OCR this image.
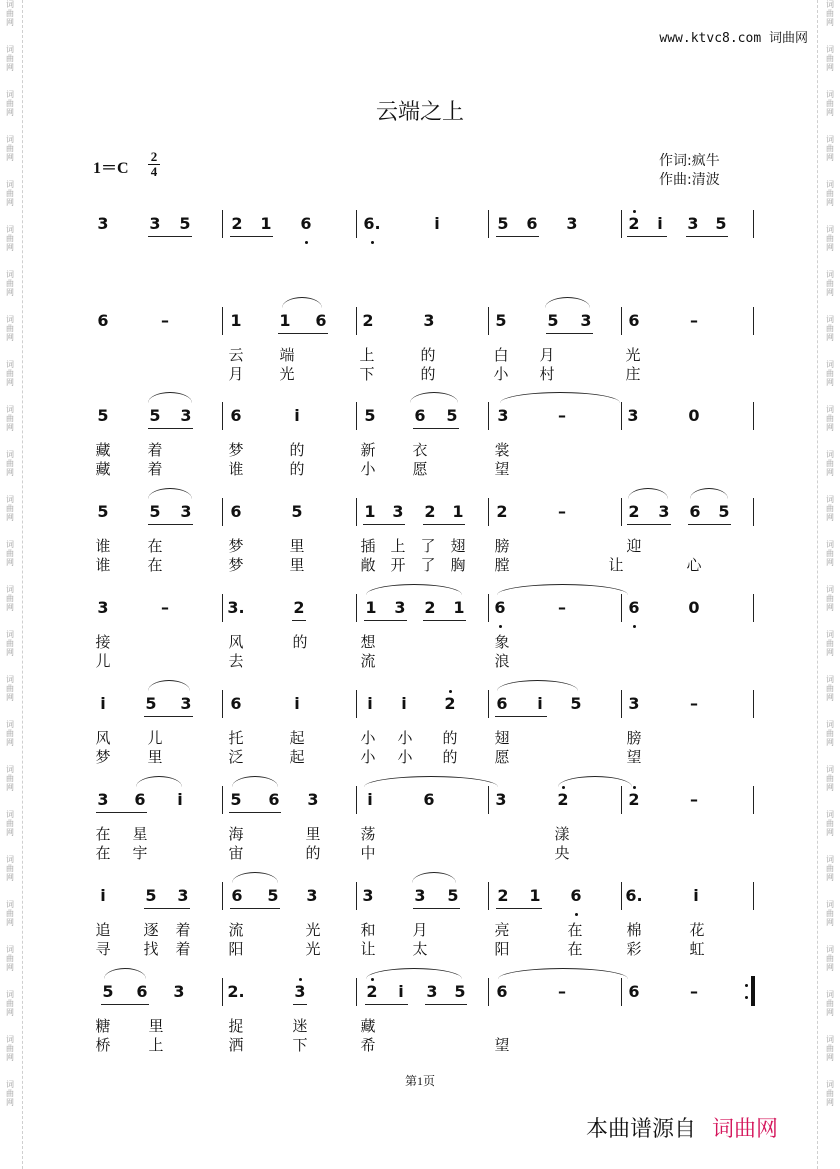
词
曲
网

词
曲
网

词
曲
网

词
曲
网

词
曲
网

词
曲
网

词
曲
网

词
曲
网

词
曲
网

词
曲
网

词
曲
网

词
曲
网

词
曲
网

词
曲
网

词
曲
网

词
曲
网

词
曲
网

词
曲
网

词
曲
网

词
曲
网

词
曲
网

词
曲
网

词
曲
网

词
曲
网

词
曲
网

词
曲
网

词
曲
网

词
曲
网

词
曲
网

词
曲
网

词
曲
网

词
曲
网

词
曲
网

词
曲
网

词
曲
网

词
曲
网

词
曲
网

词
曲
网

词
曲
网

词
曲
网

词
曲
网

词
曲
网

词
曲
网

词
曲
网

词
曲
网

词
曲
网

词
曲
网

词
曲
网

词
曲
网

词
曲
网

www.ktvc8.com 词曲网
云端之上
$1=C \frac{2}{4}$	作词:疯牛
作曲:清波
3	3 5	2 1 6	6.	i	5 6 3	2	i	3 5
6	–	1 1 6 2	3	5	5 3 6	–
云 端	上	的	白 月	光
月 光	下	的	小 村	庄
5	5 3 6	i	5 6 5 3	–	3	0
藏 着	梦	的	新 衣	裳
藏 着	谁	的	小 愿	望
5	5 3 6	5	1 3 2 1 2	–	2 3 6 5
谁 在	梦	里	插 上 了 翅 膀	迎
谁 在	梦	里	敞 开 了 胸 膛	让	心
3	–	3.	2	1 3 2 1 6	–	6	0
接	风	的	想	象
儿	去	流	浪
i	5 3 6	i	i	i	2	6	i	5	3	–
风 儿	托	起	小 小 的 翅	膀
梦 里	泛	起	小 小 的 愿	望
3 6	i	5 6 3	i	6	3	2	2	–
在 星	海	里	荡	漾
在 宇	宙	的	中	央
i	5 3	6 5 3	3	3 5 2 1 6	6.	i
追 逐 着	流	光	和 月	亮	在	棉	花
寻 找 着	阳	光	让 太	阳	在	彩	虹
5 6 3	2.	3	2	i	3 5 6	–	6	–
糖	里	捉	迷	藏
桥	上	洒	下	希	望
第1页
本曲谱源自 词曲网
